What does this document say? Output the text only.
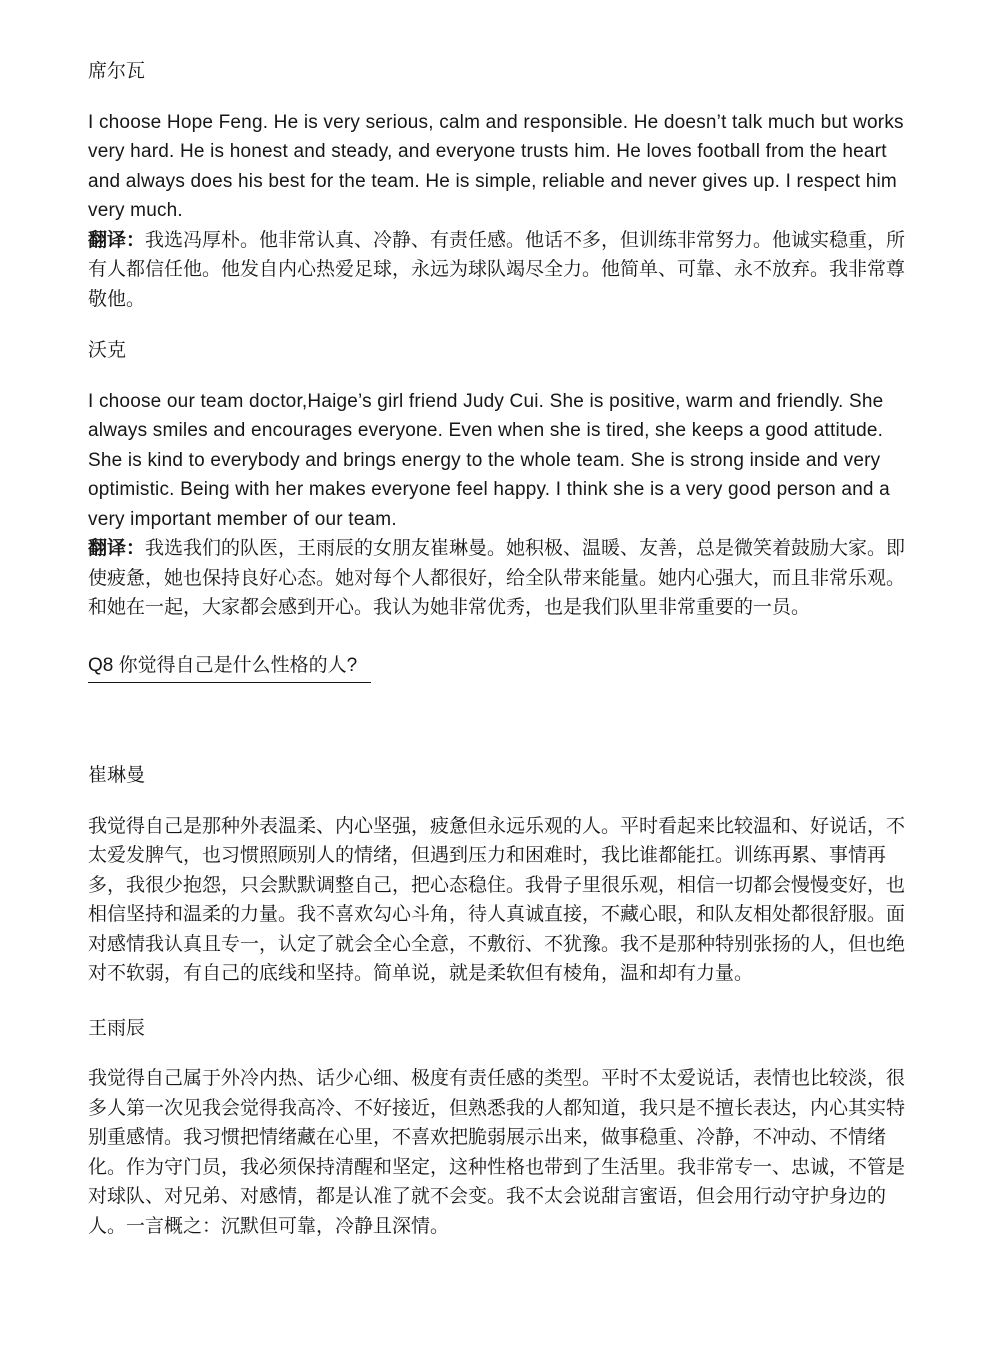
席尔瓦

I choose Hope Feng. He is very serious, calm and responsible. He doesn’t talk much but works very hard. He is honest and steady, and everyone trusts him. He loves football from the heart and always does his best for the team. He is simple, reliable and never gives up. I respect him very much.

翻译：我选冯厚朴。他非常认真、冷静、有责任感。他话不多，但训练非常努力。他诚实稳重，所有人都信任他。他发自内心热爱足球，永远为球队竭尽全力。他简单、可靠、永不放弃。我非常尊敬他。

沃克

I choose our team doctor,Haige’s girl friend Judy Cui. She is positive, warm and friendly. She always smiles and encourages everyone. Even when she is tired, she keeps a good attitude. She is kind to everybody and brings energy to the whole team. She is strong inside and very optimistic. Being with her makes everyone feel happy. I think she is a very good person and a very important member of our team.

翻译：我选我们的队医，王雨辰的女朋友崔琳曼。她积极、温暖、友善，总是微笑着鼓励大家。即使疲惫，她也保持良好心态。她对每个人都很好，给全队带来能量。她内心强大，而且非常乐观。和她在一起，大家都会感到开心。我认为她非常优秀，也是我们队里非常重要的一员。

Q8 你觉得自己是什么性格的人?

崔琳曼

我觉得自己是那种外表温柔、内心坚强，疲惫但永远乐观的人。平时看起来比较温和、好说话，不太爱发脾气，也习惯照顾别人的情绪，但遇到压力和困难时，我比谁都能扛。训练再累、事情再多，我很少抱怨，只会默默调整自己，把心态稳住。我骨子里很乐观，相信一切都会慢慢变好，也相信坚持和温柔的力量。我不喜欢勾心斗角，待人真诚直接，不藏心眼，和队友相处都很舒服。面对感情我认真且专一，认定了就会全心全意，不敷衍、不犹豫。我不是那种特别张扬的人，但也绝对不软弱，有自己的底线和坚持。简单说，就是柔软但有棱角，温和却有力量。

王雨辰

我觉得自己属于外冷内热、话少心细、极度有责任感的类型。平时不太爱说话，表情也比较淡，很多人第一次见我会觉得我高冷、不好接近，但熟悉我的人都知道，我只是不擅长表达，内心其实特别重感情。我习惯把情绪藏在心里，不喜欢把脆弱展示出来，做事稳重、冷静，不冲动、不情绪化。作为守门员，我必须保持清醒和坚定，这种性格也带到了生活里。我非常专一、忠诚，不管是对球队、对兄弟、对感情，都是认准了就不会变。我不太会说甜言蜜语，但会用行动守护身边的人。一言概之：沉默但可靠，冷静且深情。
